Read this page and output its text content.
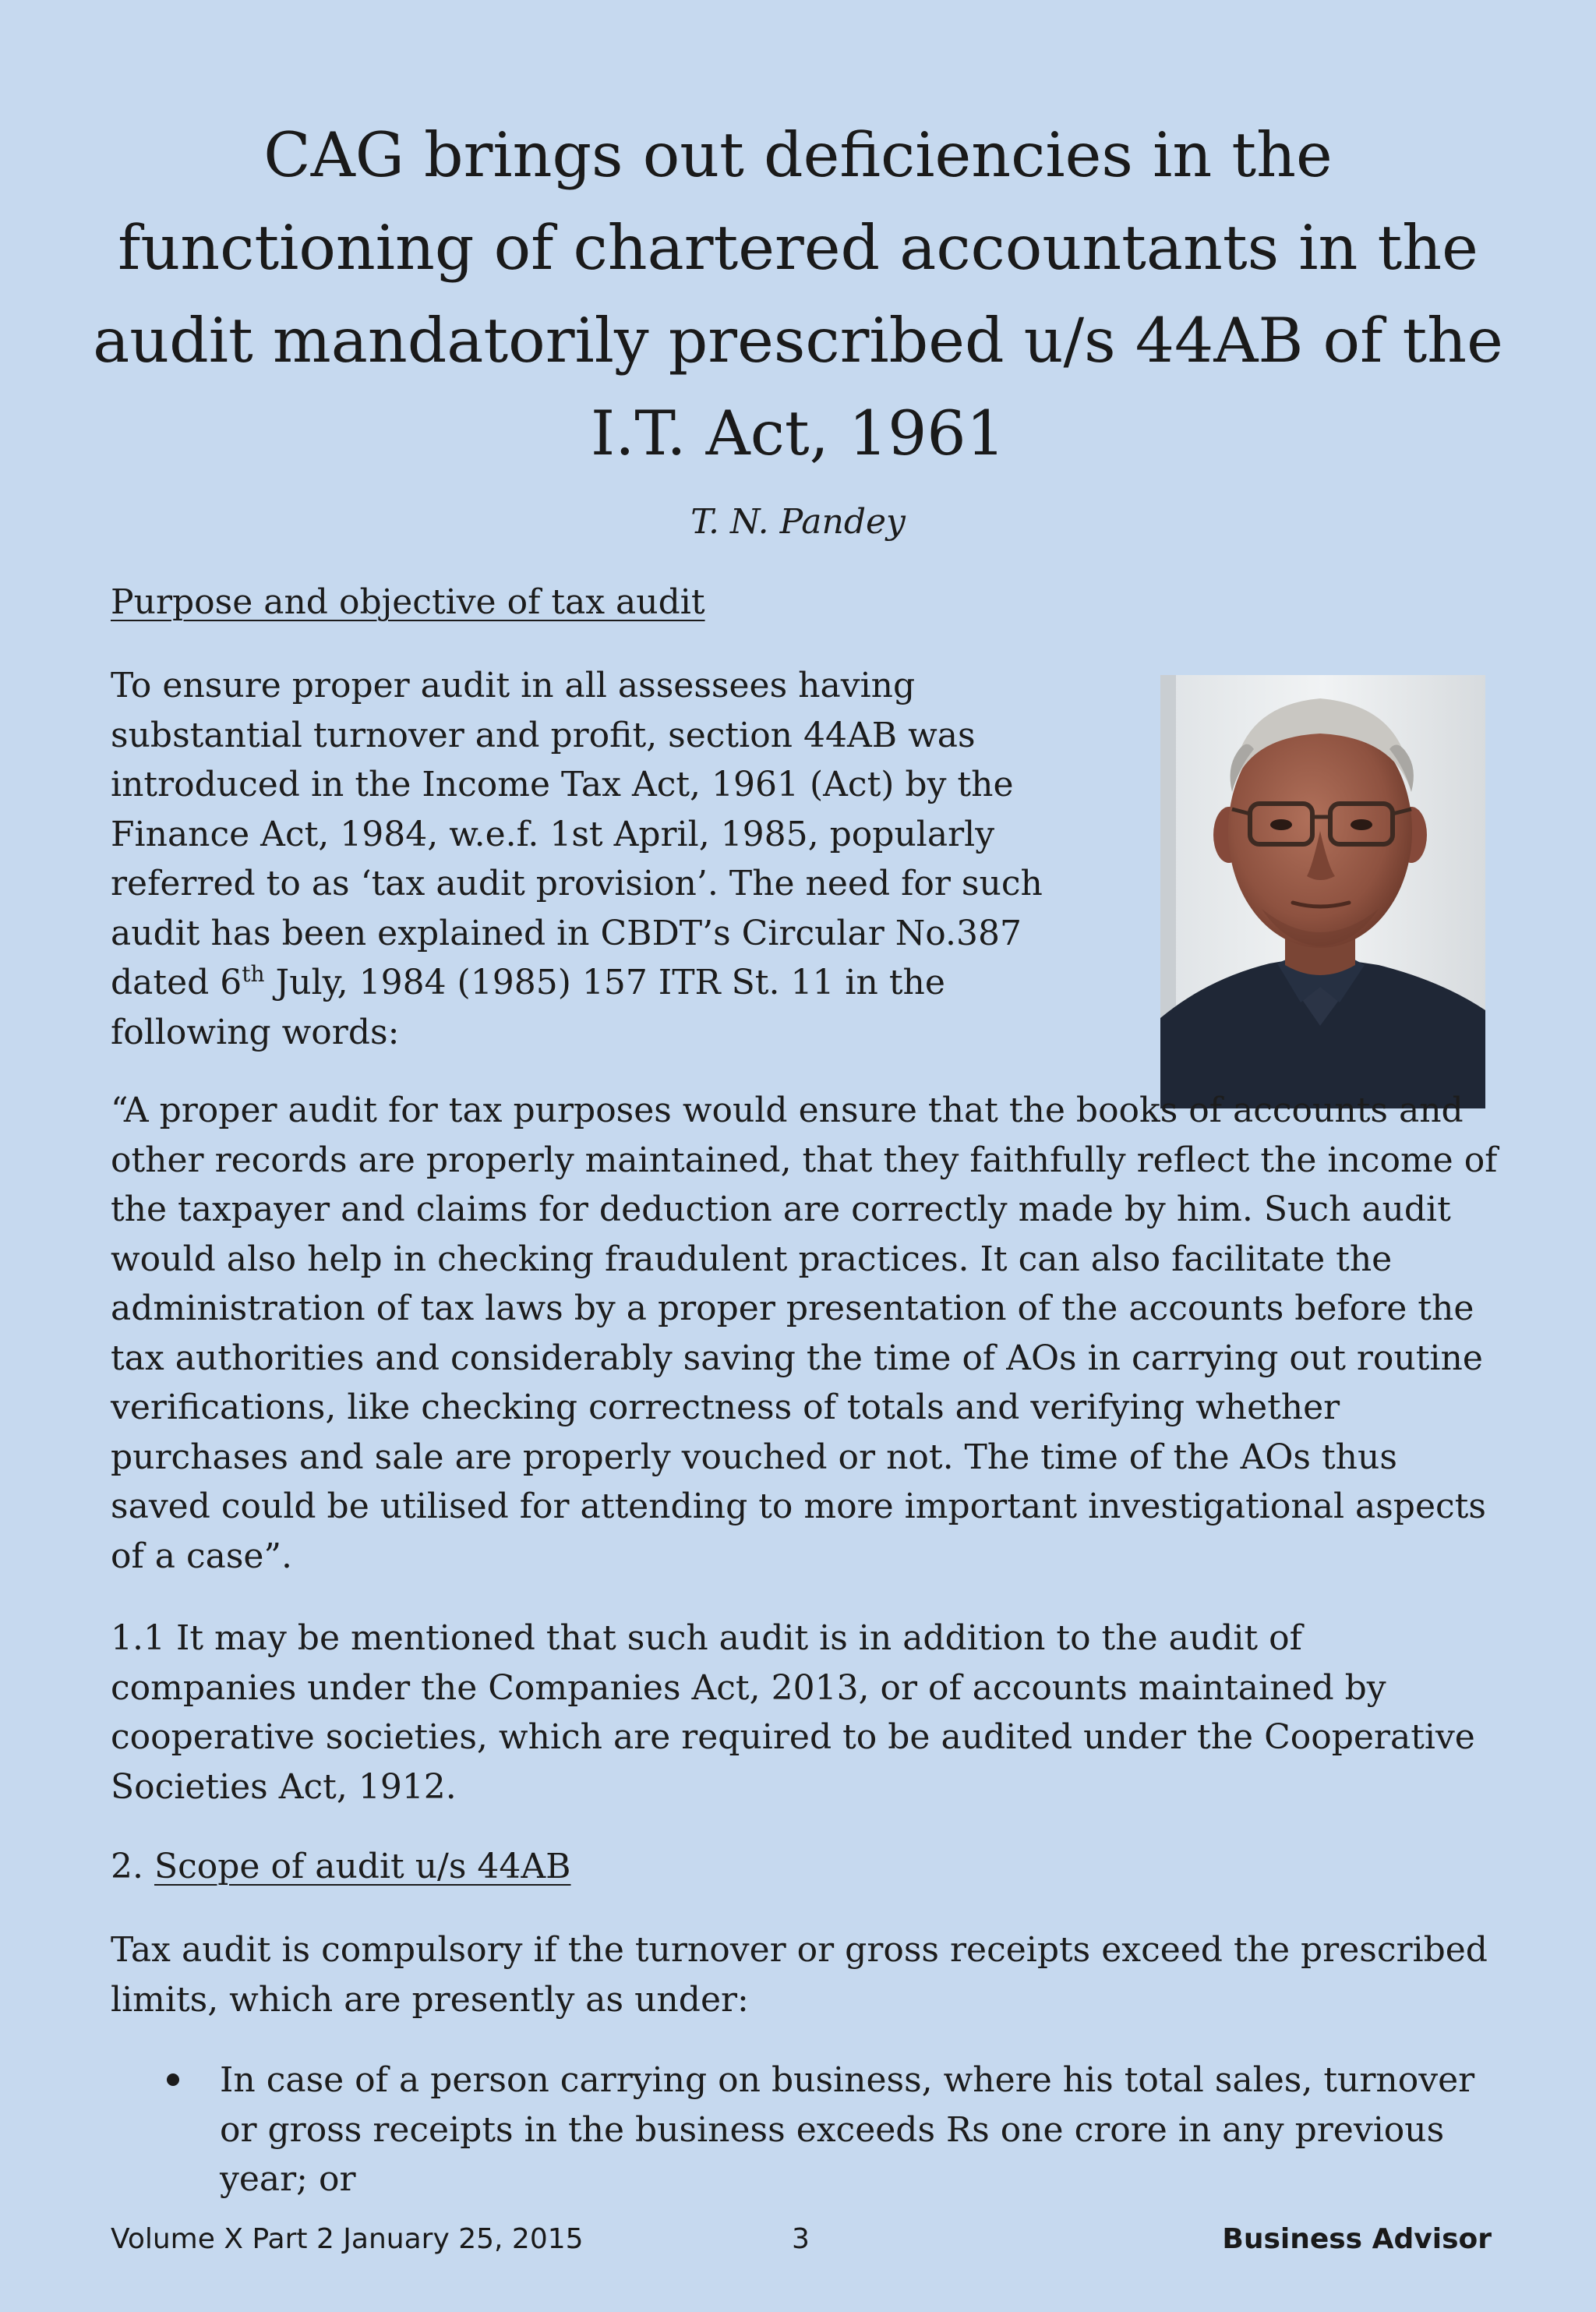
CAG brings out deficiencies in the functioning of chartered accountants in the audit mandatorily prescribed u/s 44AB of the I.T. Act, 1961
T. N. Pandey
Purpose and objective of tax audit

To ensure proper audit in all assessees having substantial turnover and profit, section 44AB was introduced in the Income Tax Act, 1961 (Act) by the Finance Act, 1984, w.e.f. 1st April, 1985, popularly referred to as ‘tax audit provision’. The need for such audit has been explained in CBDT’s Circular No.387 dated 6th July, 1984 (1985) 157 ITR St. 11 in the following words:

“A proper audit for tax purposes would ensure that the books of accounts and other records are properly maintained, that they faithfully reflect the income of the taxpayer and claims for deduction are correctly made by him. Such audit would also help in checking fraudulent practices. It can also facilitate the administration of tax laws by a proper presentation of the accounts before the tax authorities and considerably saving the time of AOs in carrying out routine verifications, like checking correctness of totals and verifying whether purchases and sale are properly vouched or not. The time of the AOs thus saved could be utilised for attending to more important investigational aspects of a case”.

1.1 It may be mentioned that such audit is in addition to the audit of companies under the Companies Act, 2013, or of accounts maintained by cooperative societies, which are required to be audited under the Cooperative Societies Act, 1912.

2. Scope of audit u/s 44AB

Tax audit is compulsory if the turnover or gross receipts exceed the prescribed limits, which are presently as under:

In case of a person carrying on business, where his total sales, turnover or gross receipts in the business exceeds Rs one crore in any previous year; or
Volume X Part 2 January 25, 2015	3	Business Advisor
